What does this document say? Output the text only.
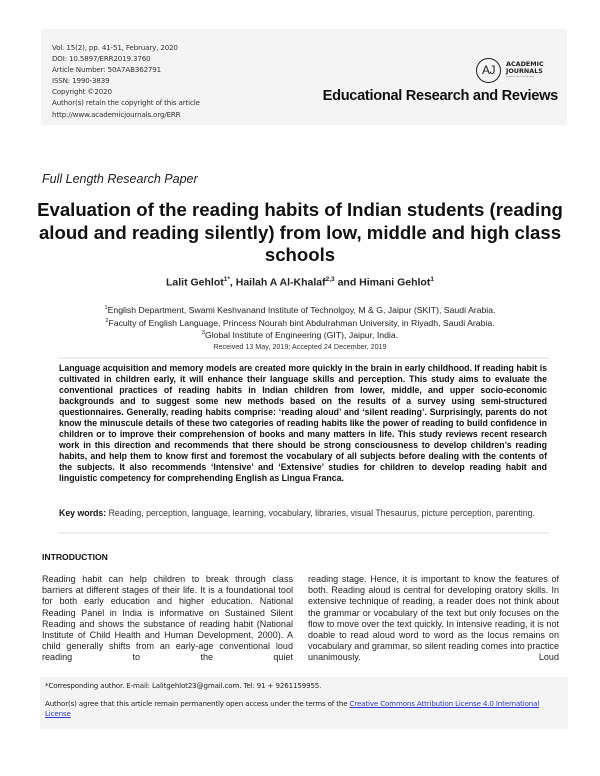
Vol. 15(2), pp. 41-51, February, 2020
DOI: 10.5897/ERR2019.3760
Article Number: 50A7AB362791
ISSN: 1990-3839
Copyright ©2020
Author(s) retain the copyright of this article
http://www.academicjournals.org/ERR
AJ	ACADEMIC
JOURNALS
expand your knowledge
Educational Research and Reviews
Full Length Research Paper
Evaluation of the reading habits of Indian students (reading aloud and reading silently) from low, middle and high class schools
Lalit Gehlot$^{1*}$, Hailah A Al-Khalaf$^{2,3}$ and Himani Gehlot$^1$
$^1$English Department, Swami Keshvanand Institute of Technolgoy, M & G, Jaipur (SKIT), Saudi Arabia.
$^2$Faculty of English Language, Princess Nourah bint Abdulrahman University, in Riyadh, Saudi Arabia.
$^3$Global Institute of Engineering (GIT), Jaipur, India.
Received 13 May, 2019; Accepted 24 December, 2019
Language acquisition and memory models are created more quickly in the brain in early childhood. If reading habit is cultivated in children early, it will enhance their language skills and perception. This study aims to evaluate the conventional practices of reading habits in Indian children from lower, middle, and upper socio-economic backgrounds and to suggest some new methods based on the results of a survey using semi-structured questionnaires. Generally, reading habits comprise: ‘reading aloud’ and ‘silent reading’. Surprisingly, parents do not know the minuscule details of these two categories of reading habits like the power of reading to build confidence in children or to improve their comprehension of books and many matters in life. This study reviews recent research work in this direction and recommends that there should be strong consciousness to develop children’s reading habits, and help them to know first and foremost the vocabulary of all subjects before dealing with the contents of the subjects. It also recommends ‘Intensive’ and ‘Extensive’ studies for children to develop reading habit and linguistic competency for comprehending English as Lingua Franca.
Key words: Reading, perception, language, learning, vocabulary, libraries, visual Thesaurus, picture perception, parenting.
INTRODUCTION
Reading habit can help children to break through class barriers at different stages of their life. It is a foundational tool for both early education and higher education. National Reading Panel in India is informative on Sustained Silent Reading and shows the substance of reading habit (National Institute of Child Health and Human Development, 2000). A child generally shifts from an early-age conventional loud reading to the quiet
reading stage. Hence, it is important to know the features of both. Reading aloud is central for developing oratory skills. In extensive technique of reading, a reader does not think about the grammar or vocabulary of the text but only focuses on the flow to move over the text quickly. In intensive reading, it is not doable to read aloud word to word as the locus remains on vocabulary and grammar, so silent reading comes into practice unanimously. Loud
*Corresponding author. E-mail: Lalitgehlot23@gmail.com. Tel: 91 + 9261159955.
Author(s) agree that this article remain permanently open access under the terms of the Creative Commons Attribution License 4.0 International License
